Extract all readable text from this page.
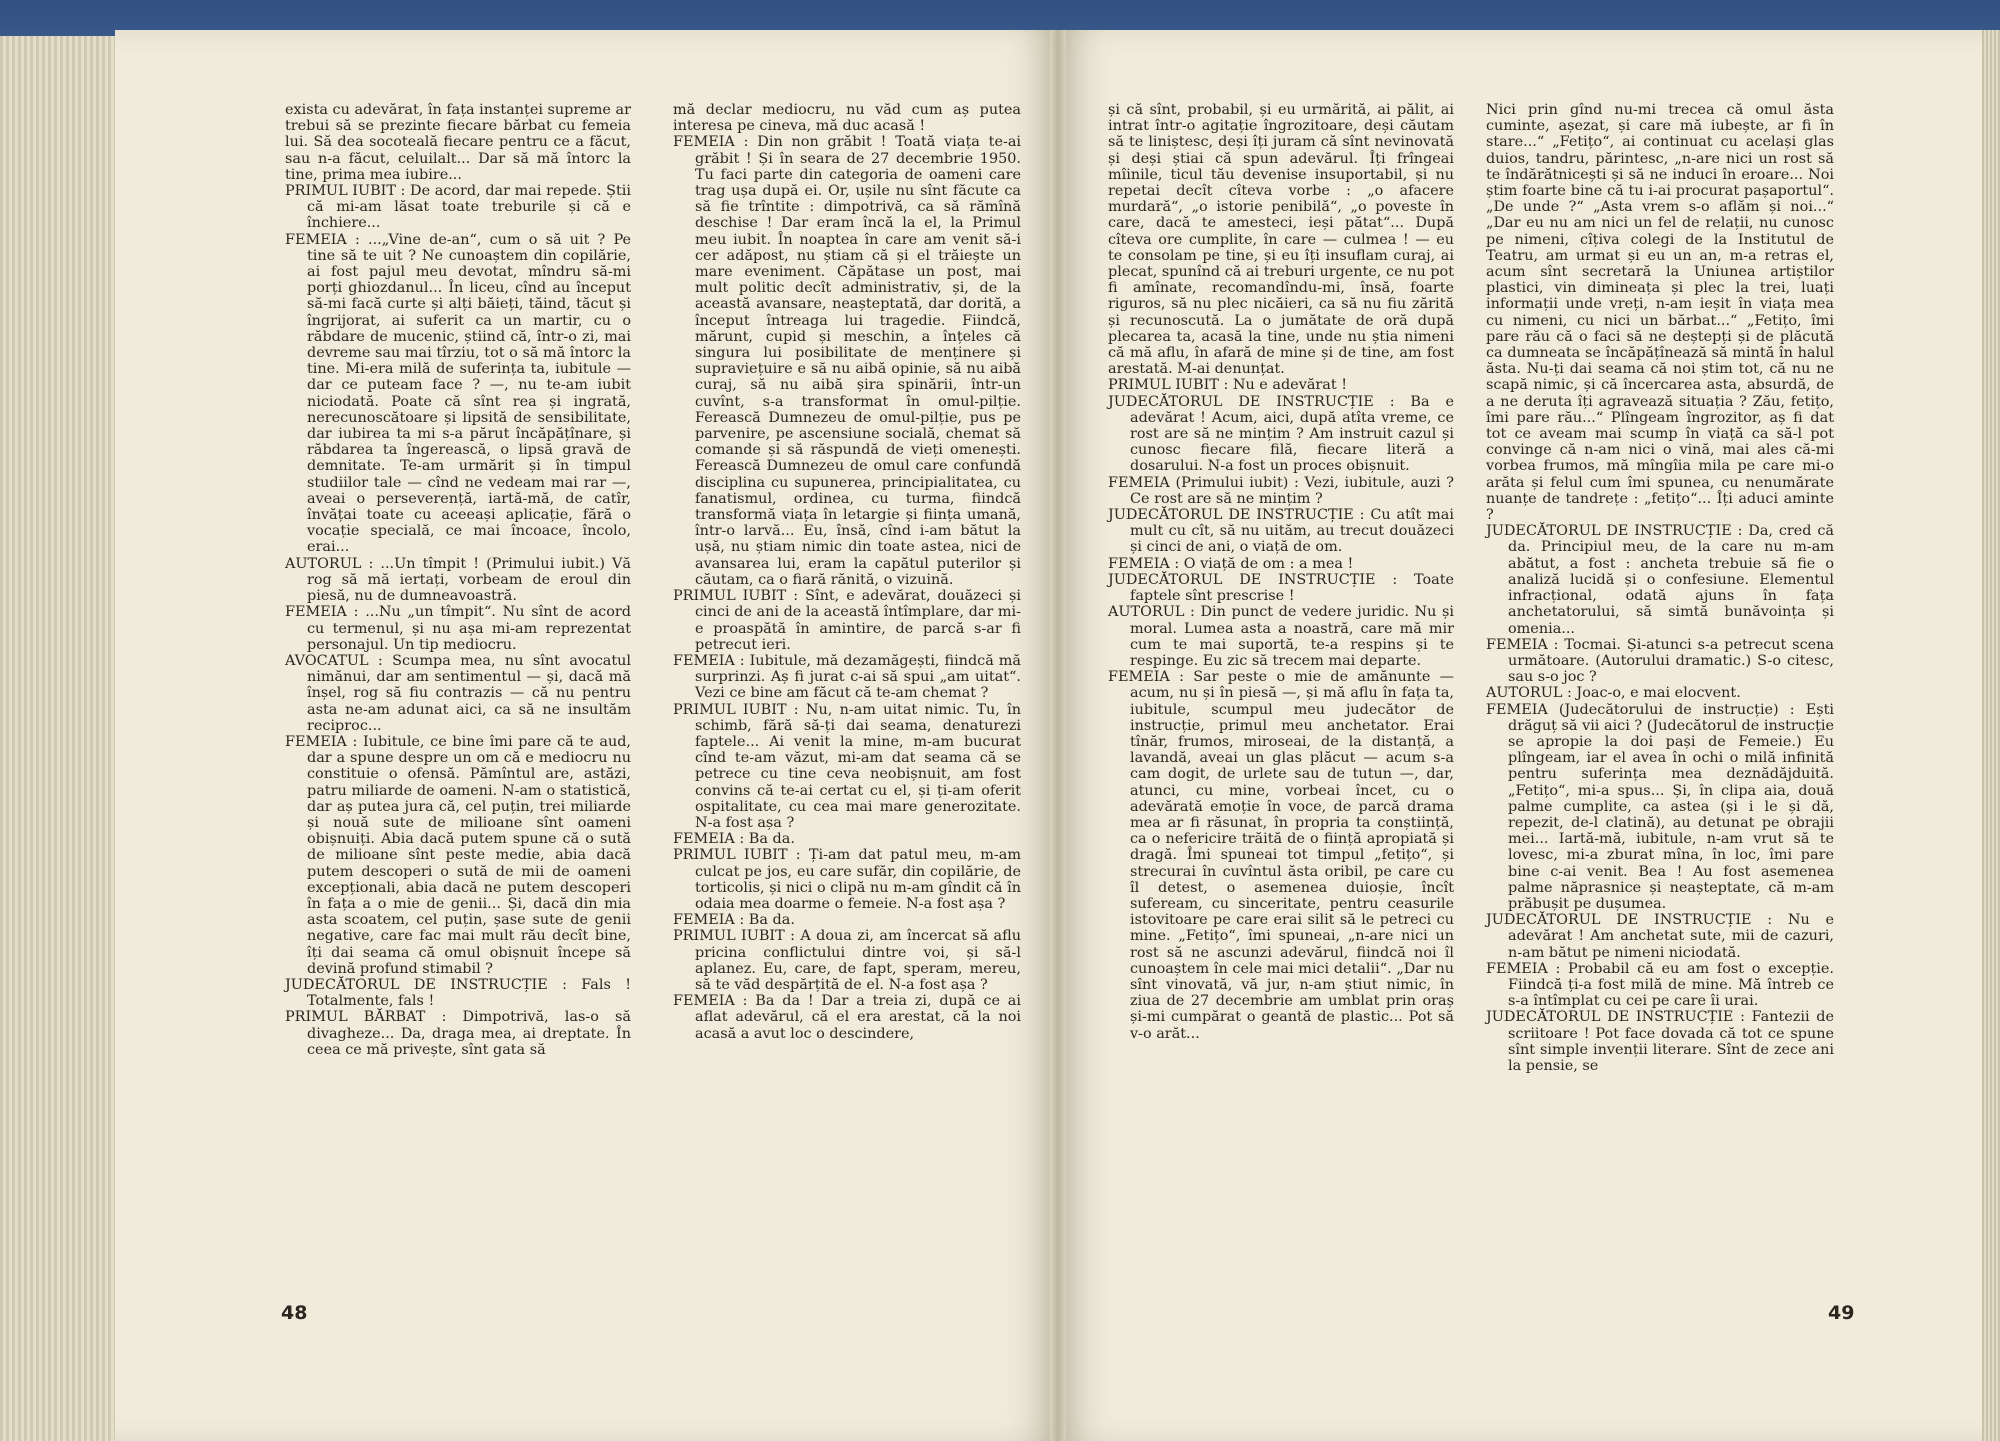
exista cu adevărat, în fața instanței supreme ar trebui să se prezinte fiecare bărbat cu femeia lui. Să dea socoteală fiecare pentru ce a făcut, sau n-a făcut, celuilalt... Dar să mă întorc la tine, prima mea iubire...

PRIMUL IUBIT : De acord, dar mai repede. Știi că mi-am lăsat toate treburile și că e închiere...

FEMEIA : ...„Vine de-an“, cum o să uit ? Pe tine să te uit ? Ne cunoaștem din copilărie, ai fost pajul meu devotat, mîndru să-mi porți ghiozdanul... În liceu, cînd au început să-mi facă curte și alți băieți, tăind, tăcut și îngrijorat, ai suferit ca un martir, cu o răbdare de mucenic, știind că, într-o zi, mai devreme sau mai tîrziu, tot o să mă întorc la tine. Mi-era milă de suferința ta, iubitule — dar ce puteam face ? —, nu te-am iubit niciodată. Poate că sînt rea și ingrată, nerecunoscătoare și lipsită de sensibilitate, dar iubirea ta mi s-a părut încăpățînare, și răbdarea ta îngerească, o lipsă gravă de demnitate. Te-am urmărit și în timpul studiilor tale — cînd ne vedeam mai rar —, aveai o perseverență, iartă-mă, de catîr, învățai toate cu aceeași aplicație, fără o vocație specială, ce mai încoace, încolo, erai...

AUTORUL : ...Un tîmpit ! (Primului iubit.) Vă rog să mă iertați, vorbeam de eroul din piesă, nu de dumneavoastră.

FEMEIA : ...Nu „un tîmpit“. Nu sînt de acord cu termenul, și nu așa mi-am reprezentat personajul. Un tip mediocru.

AVOCATUL : Scumpa mea, nu sînt avocatul nimănui, dar am sentimentul — și, dacă mă înșel, rog să fiu contrazis — că nu pentru asta ne-am adunat aici, ca să ne insultăm reciproc...

FEMEIA : Iubitule, ce bine îmi pare că te aud, dar a spune despre un om că e mediocru nu constituie o ofensă. Pămîntul are, astăzi, patru miliarde de oameni. N-am o statistică, dar aș putea jura că, cel puțin, trei miliarde și nouă sute de milioane sînt oameni obișnuiți. Abia dacă putem spune că o sută de milioane sînt peste medie, abia dacă putem descoperi o sută de mii de oameni excepționali, abia dacă ne putem descoperi în fața a o mie de genii... Și, dacă din mia asta scoatem, cel puțin, șase sute de genii negative, care fac mai mult rău decît bine, îți dai seama că omul obișnuit începe să devină profund stimabil ?

JUDECĂTORUL DE INSTRUCȚIE : Fals ! Totalmente, fals !

PRIMUL BĂRBAT : Dimpotrivă, las-o să divagheze... Da, draga mea, ai dreptate. În ceea ce mă privește, sînt gata să

mă declar mediocru, nu văd cum aș putea interesa pe cineva, mă duc acasă !

FEMEIA : Din non grăbit ! Toată viața te-ai grăbit ! Și în seara de 27 decembrie 1950. Tu faci parte din categoria de oameni care trag ușa după ei. Or, ușile nu sînt făcute ca să fie trîntite : dimpotrivă, ca să rămînă deschise ! Dar eram încă la el, la Primul meu iubit. În noaptea în care am venit să-i cer adăpost, nu știam că și el trăiește un mare eveniment. Căpătase un post, mai mult politic decît administrativ, și, de la această avansare, neașteptată, dar dorită, a început întreaga lui tragedie. Fiindcă, mărunt, cupid și meschin, a înțeles că singura lui posibilitate de menținere și supraviețuire e să nu aibă opinie, să nu aibă curaj, să nu aibă șira spinării, într-un cuvînt, s-a transformat în omul-pilție. Ferească Dumnezeu de omul-pilție, pus pe parvenire, pe ascensiune socială, chemat să comande și să răspundă de vieți omenești. Ferească Dumnezeu de omul care confundă disciplina cu supunerea, principialitatea, cu fanatismul, ordinea, cu turma, fiindcă transformă viața în letargie și ființa umană, într-o larvă... Eu, însă, cînd i-am bătut la ușă, nu știam nimic din toate astea, nici de avansarea lui, eram la capătul puterilor și căutam, ca o fiară rănită, o vizuină.

PRIMUL IUBIT : Sînt, e adevărat, douăzeci și cinci de ani de la această întîmplare, dar mi-e proaspătă în amintire, de parcă s-ar fi petrecut ieri.

FEMEIA : Iubitule, mă dezamăgești, fiindcă mă surprinzi. Aș fi jurat c-ai să spui „am uitat“. Vezi ce bine am făcut că te-am chemat ?

PRIMUL IUBIT : Nu, n-am uitat nimic. Tu, în schimb, fără să-ți dai seama, denaturezi faptele... Ai venit la mine, m-am bucurat cînd te-am văzut, mi-am dat seama că se petrece cu tine ceva neobișnuit, am fost convins că te-ai certat cu el, și ți-am oferit ospitalitate, cu cea mai mare generozitate. N-a fost așa ?

FEMEIA : Ba da.

PRIMUL IUBIT : Ți-am dat patul meu, m-am culcat pe jos, eu care sufăr, din copilărie, de torticolis, și nici o clipă nu m-am gîndit că în odaia mea doarme o femeie. N-a fost așa ?

FEMEIA : Ba da.

PRIMUL IUBIT : A doua zi, am încercat să aflu pricina conflictului dintre voi, și să-l aplanez. Eu, care, de fapt, speram, mereu, să te văd despărțită de el. N-a fost așa ?

FEMEIA : Ba da ! Dar a treia zi, după ce ai aflat adevărul, că el era arestat, că la noi acasă a avut loc o descindere,

48

și că sînt, probabil, și eu urmărită, ai pălit, ai intrat într-o agitație îngrozitoare, deși căutam să te liniștesc, deși îți juram că sînt nevinovată și deși știai că spun adevărul. Îți frîngeai mîinile, ticul tău devenise insuportabil, și nu repetai decît cîteva vorbe : „o afacere murdară“, „o istorie penibilă“, „o poveste în care, dacă te amesteci, ieși pătat“... După cîteva ore cumplite, în care — culmea ! — eu te consolam pe tine, și eu îți insuflam curaj, ai plecat, spunînd că ai treburi urgente, ce nu pot fi amînate, recomandîndu-mi, însă, foarte riguros, să nu plec nicăieri, ca să nu fiu zărită și recunoscută. La o jumătate de oră după plecarea ta, acasă la tine, unde nu știa nimeni că mă aflu, în afară de mine și de tine, am fost arestată. M-ai denunțat.

PRIMUL IUBIT : Nu e adevărat !

JUDECĂTORUL DE INSTRUCȚIE : Ba e adevărat ! Acum, aici, după atîta vreme, ce rost are să ne mințim ? Am instruit cazul și cunosc fiecare filă, fiecare literă a dosarului. N-a fost un proces obișnuit.

FEMEIA (Primului iubit) : Vezi, iubitule, auzi ? Ce rost are să ne mințim ?

JUDECĂTORUL DE INSTRUCȚIE : Cu atît mai mult cu cît, să nu uităm, au trecut douăzeci și cinci de ani, o viață de om.

FEMEIA : O viață de om : a mea !

JUDECĂTORUL DE INSTRUCȚIE : Toate faptele sînt prescrise !

AUTORUL : Din punct de vedere juridic. Nu și moral. Lumea asta a noastră, care mă mir cum te mai suportă, te-a respins și te respinge. Eu zic să trecem mai departe.

FEMEIA : Sar peste o mie de amănunte — acum, nu și în piesă —, și mă aflu în fața ta, iubitule, scumpul meu judecător de instrucție, primul meu anchetator. Erai tînăr, frumos, miroseai, de la distanță, a lavandă, aveai un glas plăcut — acum s-a cam dogit, de urlete sau de tutun —, dar, atunci, cu mine, vorbeai încet, cu o adevărată emoție în voce, de parcă drama mea ar fi răsunat, în propria ta conștiință, ca o nefericire trăită de o ființă apropiată și dragă. Îmi spuneai tot timpul „fetițo“, și strecurai în cuvîntul ăsta oribil, pe care cu îl detest, o asemenea duioșie, încît sufeream, cu sinceritate, pentru ceasurile istovitoare pe care erai silit să le petreci cu mine. „Fetițo“, îmi spuneai, „n-are nici un rost să ne ascunzi adevărul, fiindcă noi îl cunoaștem în cele mai mici detalii“. „Dar nu sînt vinovată, vă jur, n-am știut nimic, în ziua de 27 decembrie am umblat prin oraș și-mi cumpărat o geantă de plastic... Pot să v-o arăt...

Nici prin gînd nu-mi trecea că omul ăsta cuminte, așezat, și care mă iubește, ar fi în stare...“ „Fetițo“, ai continuat cu același glas duios, tandru, părintesc, „n-are nici un rost să te îndărătnicești și să ne induci în eroare... Noi știm foarte bine că tu i-ai procurat pașaportul“. „De unde ?“ „Asta vrem s-o aflăm și noi...“ „Dar eu nu am nici un fel de relații, nu cunosc pe nimeni, cîțiva colegi de la Institutul de Teatru, am urmat și eu un an, m-a retras el, acum sînt secretară la Uniunea artiștilor plastici, vin dimineața și plec la trei, luați informații unde vreți, n-am ieșit în viața mea cu nimeni, cu nici un bărbat...“ „Fetițo, îmi pare rău că o faci să ne deștepți și de plăcută ca dumneata se încăpățînează să mintă în halul ăsta. Nu-ți dai seama că noi știm tot, că nu ne scapă nimic, și că încercarea asta, absurdă, de a ne deruta îți agravează situația ? Zău, fetițo, îmi pare rău...“ Plîngeam îngrozitor, aș fi dat tot ce aveam mai scump în viață ca să-l pot convinge că n-am nici o vină, mai ales că-mi vorbea frumos, mă mîngîia mila pe care mi-o arăta și felul cum îmi spunea, cu nenumărate nuanțe de tandrețe : „fetițo“... Îți aduci aminte ?

JUDECĂTORUL DE INSTRUCȚIE : Da, cred că da. Principiul meu, de la care nu m-am abătut, a fost : ancheta trebuie să fie o analiză lucidă și o confesiune. Elementul infracțional, odată ajuns în fața anchetatorului, să simtă bunăvoința și omenia...

FEMEIA : Tocmai. Și-atunci s-a petrecut scena următoare. (Autorului dramatic.) S-o citesc, sau s-o joc ?

AUTORUL : Joac-o, e mai elocvent.

FEMEIA (Judecătorului de instrucție) : Ești drăguț să vii aici ? (Judecătorul de instrucție se apropie la doi pași de Femeie.) Eu plîngeam, iar el avea în ochi o milă infinită pentru suferința mea deznădăjduită. „Fetițo“, mi-a spus... Și, în clipa aia, două palme cumplite, ca astea (și i le și dă, repezit, de-l clatină), au detunat pe obrajii mei... Iartă-mă, iubitule, n-am vrut să te lovesc, mi-a zburat mîna, în loc, îmi pare bine c-ai venit. Bea ! Au fost asemenea palme năprasnice și neașteptate, că m-am prăbușit pe dușumea.

JUDECĂTORUL DE INSTRUCȚIE : Nu e adevărat ! Am anchetat sute, mii de cazuri, n-am bătut pe nimeni niciodată.

FEMEIA : Probabil că eu am fost o excepție. Fiindcă ți-a fost milă de mine. Mă întreb ce s-a întîmplat cu cei pe care îi urai.

JUDECĂTORUL DE INSTRUCȚIE : Fantezii de scriitoare ! Pot face dovada că tot ce spune sînt simple invenții literare. Sînt de zece ani la pensie, se

49
